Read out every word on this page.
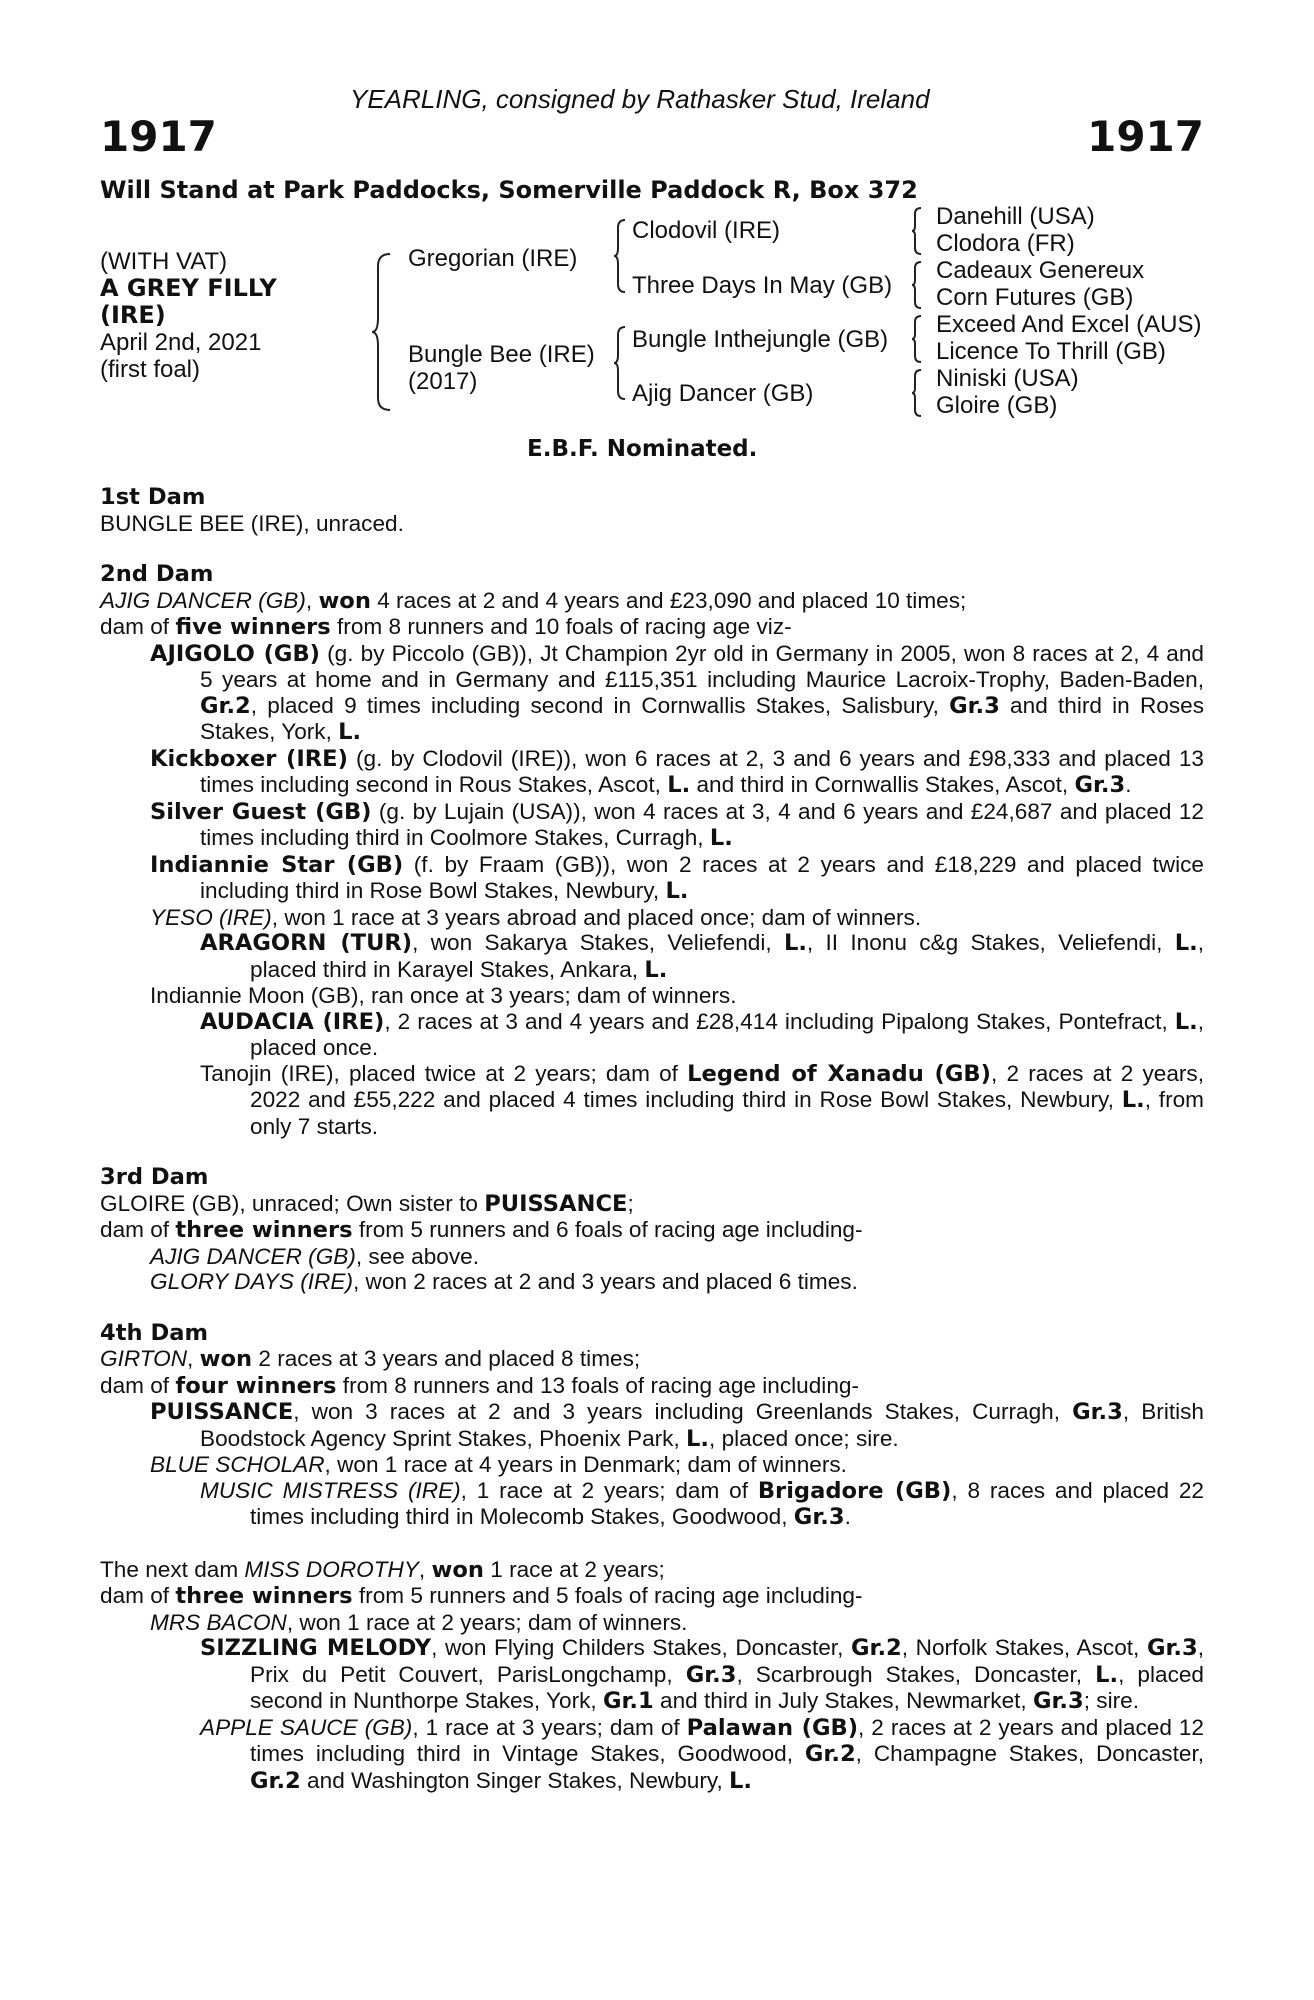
YEARLING, consigned by Rathasker Stud, Ireland
1917	1917
Will Stand at Park Paddocks, Somerville Paddock R, Box 372
(WITH VAT)
A GREY FILLY
(IRE)
April 2nd, 2021
(first foal)
Gregorian (IRE)
Bungle Bee (IRE)
(2017)
Clodovil (IRE)
Three Days In May (GB)
Bungle Inthejungle (GB)
Ajig Dancer (GB)
Danehill (USA)
Clodora (FR)
Cadeaux Genereux
Corn Futures (GB)
Exceed And Excel (AUS)
Licence To Thrill (GB)
Niniski (USA)
Gloire (GB)
E.B.F. Nominated.

1st Dam

BUNGLE BEE (IRE), unraced.

2nd Dam

AJIG DANCER (GB), won 4 races at 2 and 4 years and £23,090 and placed 10 times;

dam of five winners from 8 runners and 10 foals of racing age viz-

AJIGOLO (GB) (g. by Piccolo (GB)), Jt Champion 2yr old in Germany in 2005, won 8 races at 2, 4 and 5 years at home and in Germany and £115,351 including Maurice Lacroix-Trophy, Baden-Baden, Gr.2, placed 9 times including second in Cornwallis Stakes, Salisbury, Gr.3 and third in Roses Stakes, York, L.

Kickboxer (IRE) (g. by Clodovil (IRE)), won 6 races at 2, 3 and 6 years and £98,333 and placed 13 times including second in Rous Stakes, Ascot, L. and third in Cornwallis Stakes, Ascot, Gr.3.

Silver Guest (GB) (g. by Lujain (USA)), won 4 races at 3, 4 and 6 years and £24,687 and placed 12 times including third in Coolmore Stakes, Curragh, L.

Indiannie Star (GB) (f. by Fraam (GB)), won 2 races at 2 years and £18,229 and placed twice including third in Rose Bowl Stakes, Newbury, L.

YESO (IRE), won 1 race at 3 years abroad and placed once; dam of winners.

ARAGORN (TUR), won Sakarya Stakes, Veliefendi, L., II Inonu c&g Stakes, Veliefendi, L., placed third in Karayel Stakes, Ankara, L.

Indiannie Moon (GB), ran once at 3 years; dam of winners.

AUDACIA (IRE), 2 races at 3 and 4 years and £28,414 including Pipalong Stakes, Pontefract, L., placed once.

Tanojin (IRE), placed twice at 2 years; dam of Legend of Xanadu (GB), 2 races at 2 years, 2022 and £55,222 and placed 4 times including third in Rose Bowl Stakes, Newbury, L., from only 7 starts.

3rd Dam

GLOIRE (GB), unraced; Own sister to PUISSANCE;

dam of three winners from 5 runners and 6 foals of racing age including-

AJIG DANCER (GB), see above.

GLORY DAYS (IRE), won 2 races at 2 and 3 years and placed 6 times.

4th Dam

GIRTON, won 2 races at 3 years and placed 8 times;

dam of four winners from 8 runners and 13 foals of racing age including-

PUISSANCE, won 3 races at 2 and 3 years including Greenlands Stakes, Curragh, Gr.3, British Boodstock Agency Sprint Stakes, Phoenix Park, L., placed once; sire.

BLUE SCHOLAR, won 1 race at 4 years in Denmark; dam of winners.

MUSIC MISTRESS (IRE), 1 race at 2 years; dam of Brigadore (GB), 8 races and placed 22 times including third in Molecomb Stakes, Goodwood, Gr.3.

The next dam MISS DOROTHY, won 1 race at 2 years;

dam of three winners from 5 runners and 5 foals of racing age including-

MRS BACON, won 1 race at 2 years; dam of winners.

SIZZLING MELODY, won Flying Childers Stakes, Doncaster, Gr.2, Norfolk Stakes, Ascot, Gr.3, Prix du Petit Couvert, ParisLongchamp, Gr.3, Scarbrough Stakes, Doncaster, L., placed second in Nunthorpe Stakes, York, Gr.1 and third in July Stakes, Newmarket, Gr.3; sire.

APPLE SAUCE (GB), 1 race at 3 years; dam of Palawan (GB), 2 races at 2 years and placed 12 times including third in Vintage Stakes, Goodwood, Gr.2, Champagne Stakes, Doncaster, Gr.2 and Washington Singer Stakes, Newbury, L.
